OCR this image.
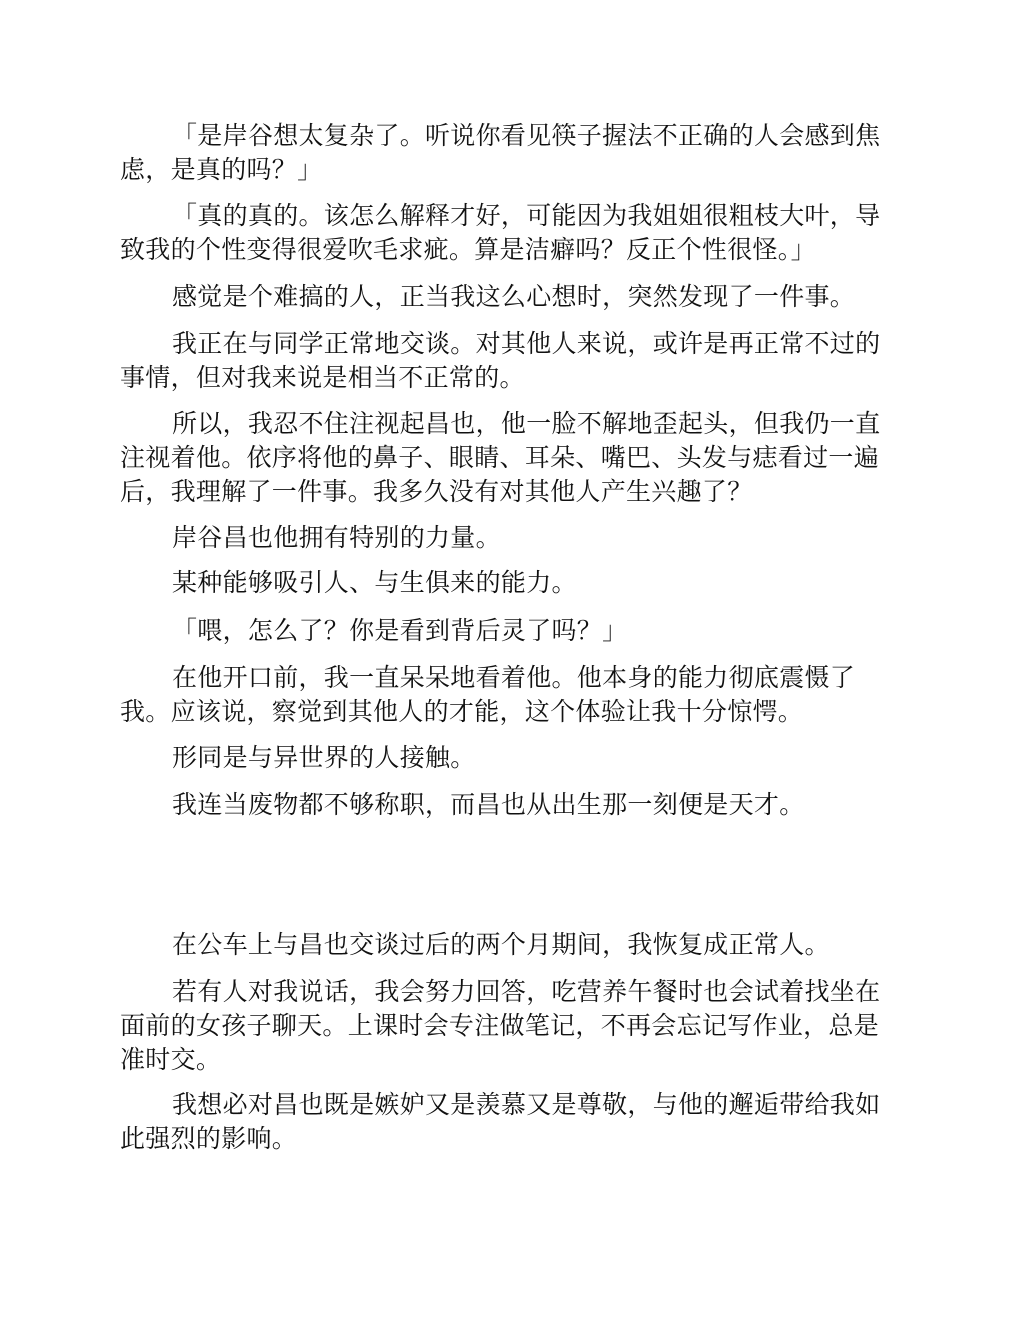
「是岸谷想太复杂了。听说你看见筷子握法不正确的人会感到焦虑，是真的吗？」

「真的真的。该怎么解释才好，可能因为我姐姐很粗枝大叶，导致我的个性变得很爱吹毛求疵。算是洁癖吗？反正个性很怪。」

感觉是个难搞的人，正当我这么心想时，突然发现了一件事。

我正在与同学正常地交谈。对其他人来说，或许是再正常不过的事情，但对我来说是相当不正常的。

所以，我忍不住注视起昌也，他一脸不解地歪起头，但我仍一直注视着他。依序将他的鼻子、眼睛、耳朵、嘴巴、头发与痣看过一遍后，我理解了一件事。我多久没有对其他人产生兴趣了？

岸谷昌也他拥有特别的力量。

某种能够吸引人、与生俱来的能力。

「喂，怎么了？你是看到背后灵了吗？」

在他开口前，我一直呆呆地看着他。他本身的能力彻底震慑了我。应该说，察觉到其他人的才能，这个体验让我十分惊愕。

形同是与异世界的人接触。

我连当废物都不够称职，而昌也从出生那一刻便是天才。

在公车上与昌也交谈过后的两个月期间，我恢复成正常人。

若有人对我说话，我会努力回答，吃营养午餐时也会试着找坐在面前的女孩子聊天。上课时会专注做笔记，不再会忘记写作业，总是准时交。

我想必对昌也既是嫉妒又是羡慕又是尊敬，与他的邂逅带给我如此强烈的影响。
